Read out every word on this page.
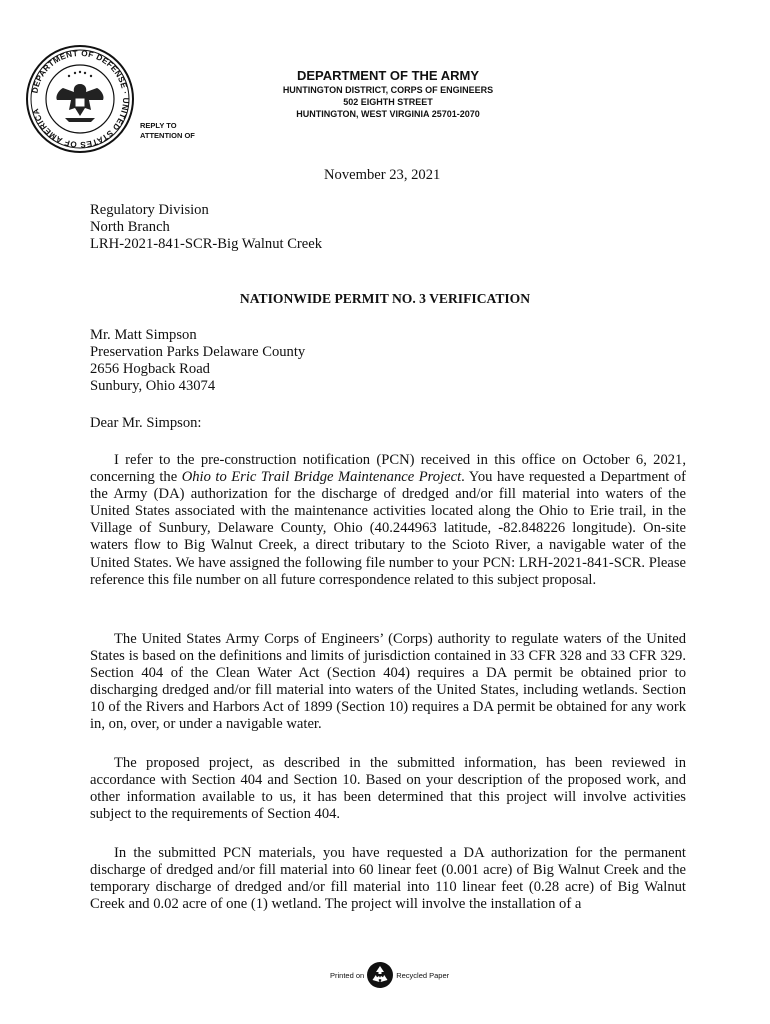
DEPARTMENT OF DEFENSE · UNITED STATES OF AMERICA
DEPARTMENT OF THE ARMY
HUNTINGTON DISTRICT, CORPS OF ENGINEERS
502 EIGHTH STREET
HUNTINGTON, WEST VIRGINIA 25701-2070
REPLY TO
ATTENTION OF
November 23, 2021
Regulatory Division
North Branch
LRH-2021-841-SCR-Big Walnut Creek
NATIONWIDE PERMIT NO. 3 VERIFICATION
Mr. Matt Simpson
Preservation Parks Delaware County
2656 Hogback Road
Sunbury, Ohio 43074
Dear Mr. Simpson:
I refer to the pre-construction notification (PCN) received in this office on October 6, 2021, concerning the Ohio to Eric Trail Bridge Maintenance Project. You have requested a Department of the Army (DA) authorization for the discharge of dredged and/or fill material into waters of the United States associated with the maintenance activities located along the Ohio to Erie trail, in the Village of Sunbury, Delaware County, Ohio (40.244963 latitude, -82.848226 longitude). On-site waters flow to Big Walnut Creek, a direct tributary to the Scioto River, a navigable water of the United States. We have assigned the following file number to your PCN: LRH-2021-841-SCR. Please reference this file number on all future correspondence related to this subject proposal.
The United States Army Corps of Engineers’ (Corps) authority to regulate waters of the United States is based on the definitions and limits of jurisdiction contained in 33 CFR 328 and 33 CFR 329. Section 404 of the Clean Water Act (Section 404) requires a DA permit be obtained prior to discharging dredged and/or fill material into waters of the United States, including wetlands. Section 10 of the Rivers and Harbors Act of 1899 (Section 10) requires a DA permit be obtained for any work in, on, over, or under a navigable water.
The proposed project, as described in the submitted information, has been reviewed in accordance with Section 404 and Section 10. Based on your description of the proposed work, and other information available to us, it has been determined that this project will involve activities subject to the requirements of Section 404.
In the submitted PCN materials, you have requested a DA authorization for the permanent discharge of dredged and/or fill material into 60 linear feet (0.001 acre) of Big Walnut Creek and the temporary discharge of dredged and/or fill material into 110 linear feet (0.28 acre) of Big Walnut Creek and 0.02 acre of one (1) wetland. The project will involve the installation of a
Printed on	Recycled Paper
